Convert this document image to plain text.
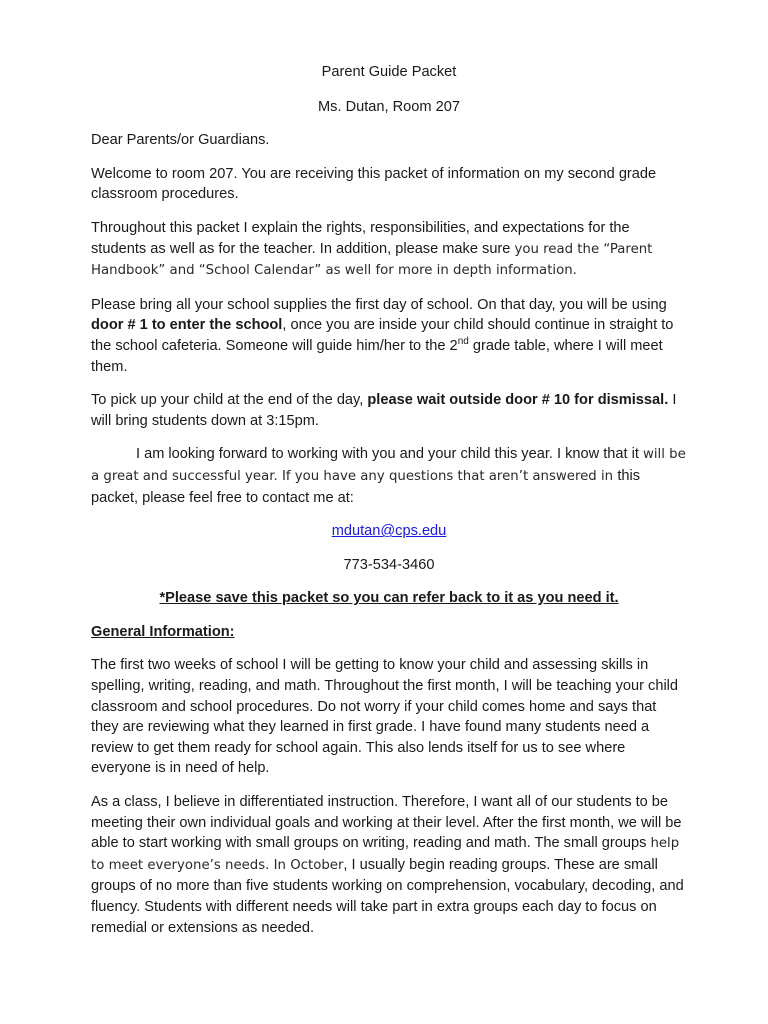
Parent Guide Packet

Ms. Dutan, Room 207

Dear Parents/or Guardians.

Welcome to room 207. You are receiving this packet of information on my second grade classroom procedures.

Throughout this packet I explain the rights, responsibilities, and expectations for the students as well as for the teacher. In addition, please make sure you read the “Parent Handbook” and “School Calendar” as well for more in depth information.

Please bring all your school supplies the first day of school. On that day, you will be using door # 1 to enter the school, once you are inside your child should continue in straight to the school cafeteria. Someone will guide him/her to the 2nd grade table, where I will meet them.

To pick up your child at the end of the day, please wait outside door # 10 for dismissal. I will bring students down at 3:15pm.

I am looking forward to working with you and your child this year. I know that it will be a great and successful year. If you have any questions that aren’t answered in this packet, please feel free to contact me at:

mdutan@cps.edu

773-534-3460

*Please save this packet so you can refer back to it as you need it.

General Information:

The first two weeks of school I will be getting to know your child and assessing skills in spelling, writing, reading, and math. Throughout the first month, I will be teaching your child classroom and school procedures. Do not worry if your child comes home and says that they are reviewing what they learned in first grade. I have found many students need a review to get them ready for school again. This also lends itself for us to see where everyone is in need of help.

As a class, I believe in differentiated instruction. Therefore, I want all of our students to be meeting their own individual goals and working at their level. After the first month, we will be able to start working with small groups on writing, reading and math. The small groups help to meet everyone’s needs. In October, I usually begin reading groups. These are small groups of no more than five students working on comprehension, vocabulary, decoding, and fluency. Students with different needs will take part in extra groups each day to focus on remedial or extensions as needed.
